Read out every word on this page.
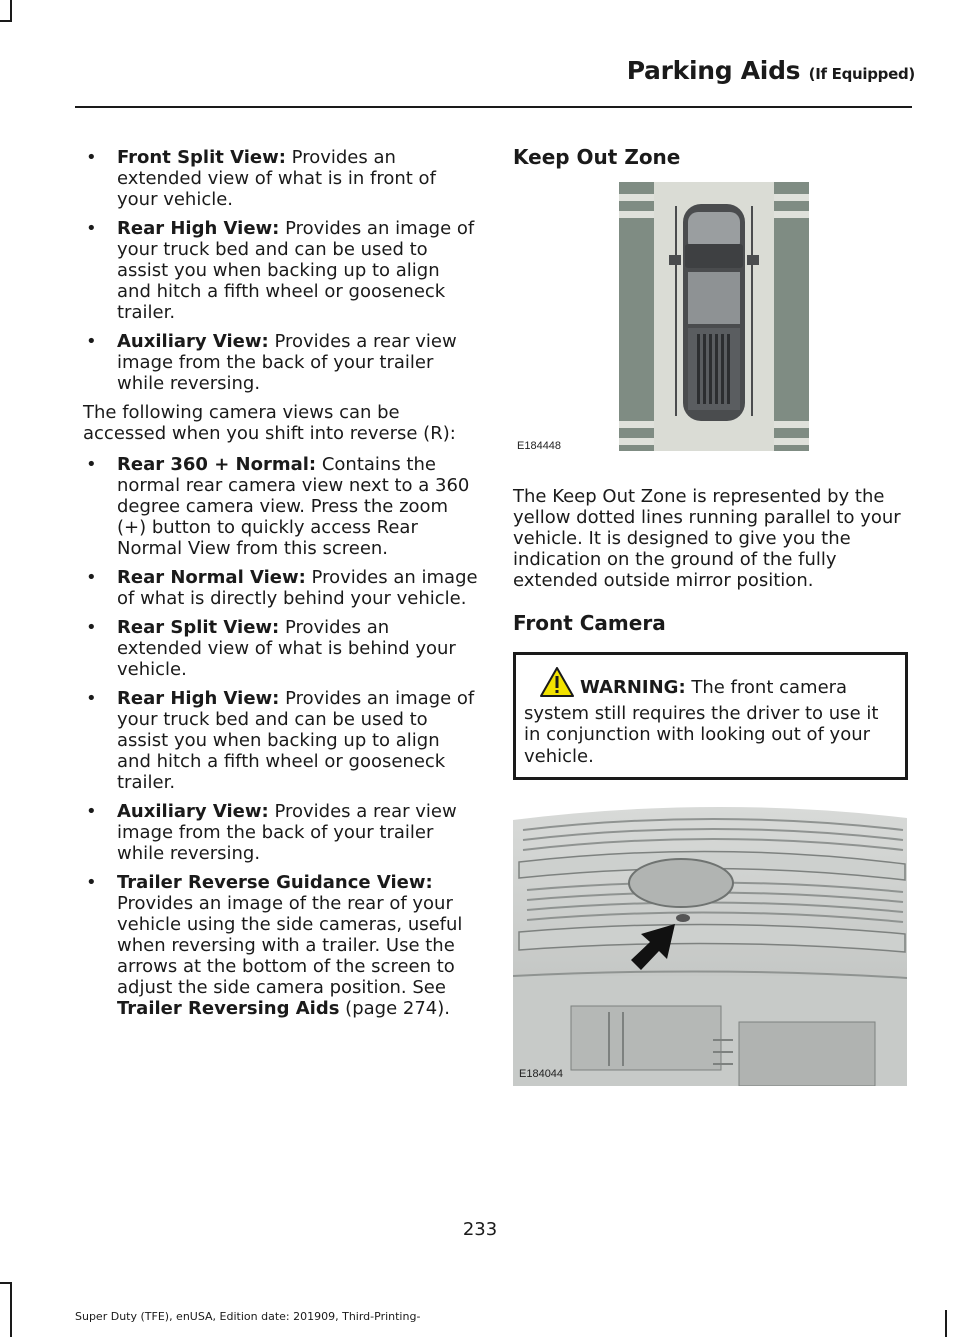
Parking Aids (If Equipped)
• Front Split View: Provides an extended view of what is in front of your vehicle.
• Rear High View: Provides an image of your truck bed and can be used to assist you when backing up to align and hitch a fifth wheel or gooseneck trailer.
• Auxiliary View: Provides a rear view image from the back of your trailer while reversing.

The following camera views can be accessed when you shift into reverse (R):

• Rear 360 + Normal: Contains the normal rear camera view next to a 360 degree camera view. Press the zoom (+) button to quickly access Rear Normal View from this screen.
• Rear Normal View: Provides an image of what is directly behind your vehicle.
• Rear Split View: Provides an extended view of what is behind your vehicle.
• Rear High View: Provides an image of your truck bed and can be used to assist you when backing up to align and hitch a fifth wheel or gooseneck trailer.
• Auxiliary View: Provides a rear view image from the back of your trailer while reversing.
• Trailer Reverse Guidance View: Provides an image of the rear of your vehicle using the side cameras, useful when reversing with a trailer. Use the arrows at the bottom of the screen to adjust the side camera position. See Trailer Reversing Aids (page 274).
Keep Out Zone
E184448

The Keep Out Zone is represented by the yellow dotted lines running parallel to your vehicle. It is designed to give you the indication on the ground of the fully extended outside mirror position.

Front Camera
WARNING: The front camera system still requires the driver to use it in conjunction with looking out of your vehicle.
E184044
233
Super Duty (TFE), enUSA, Edition date: 201909, Third-Printing-
